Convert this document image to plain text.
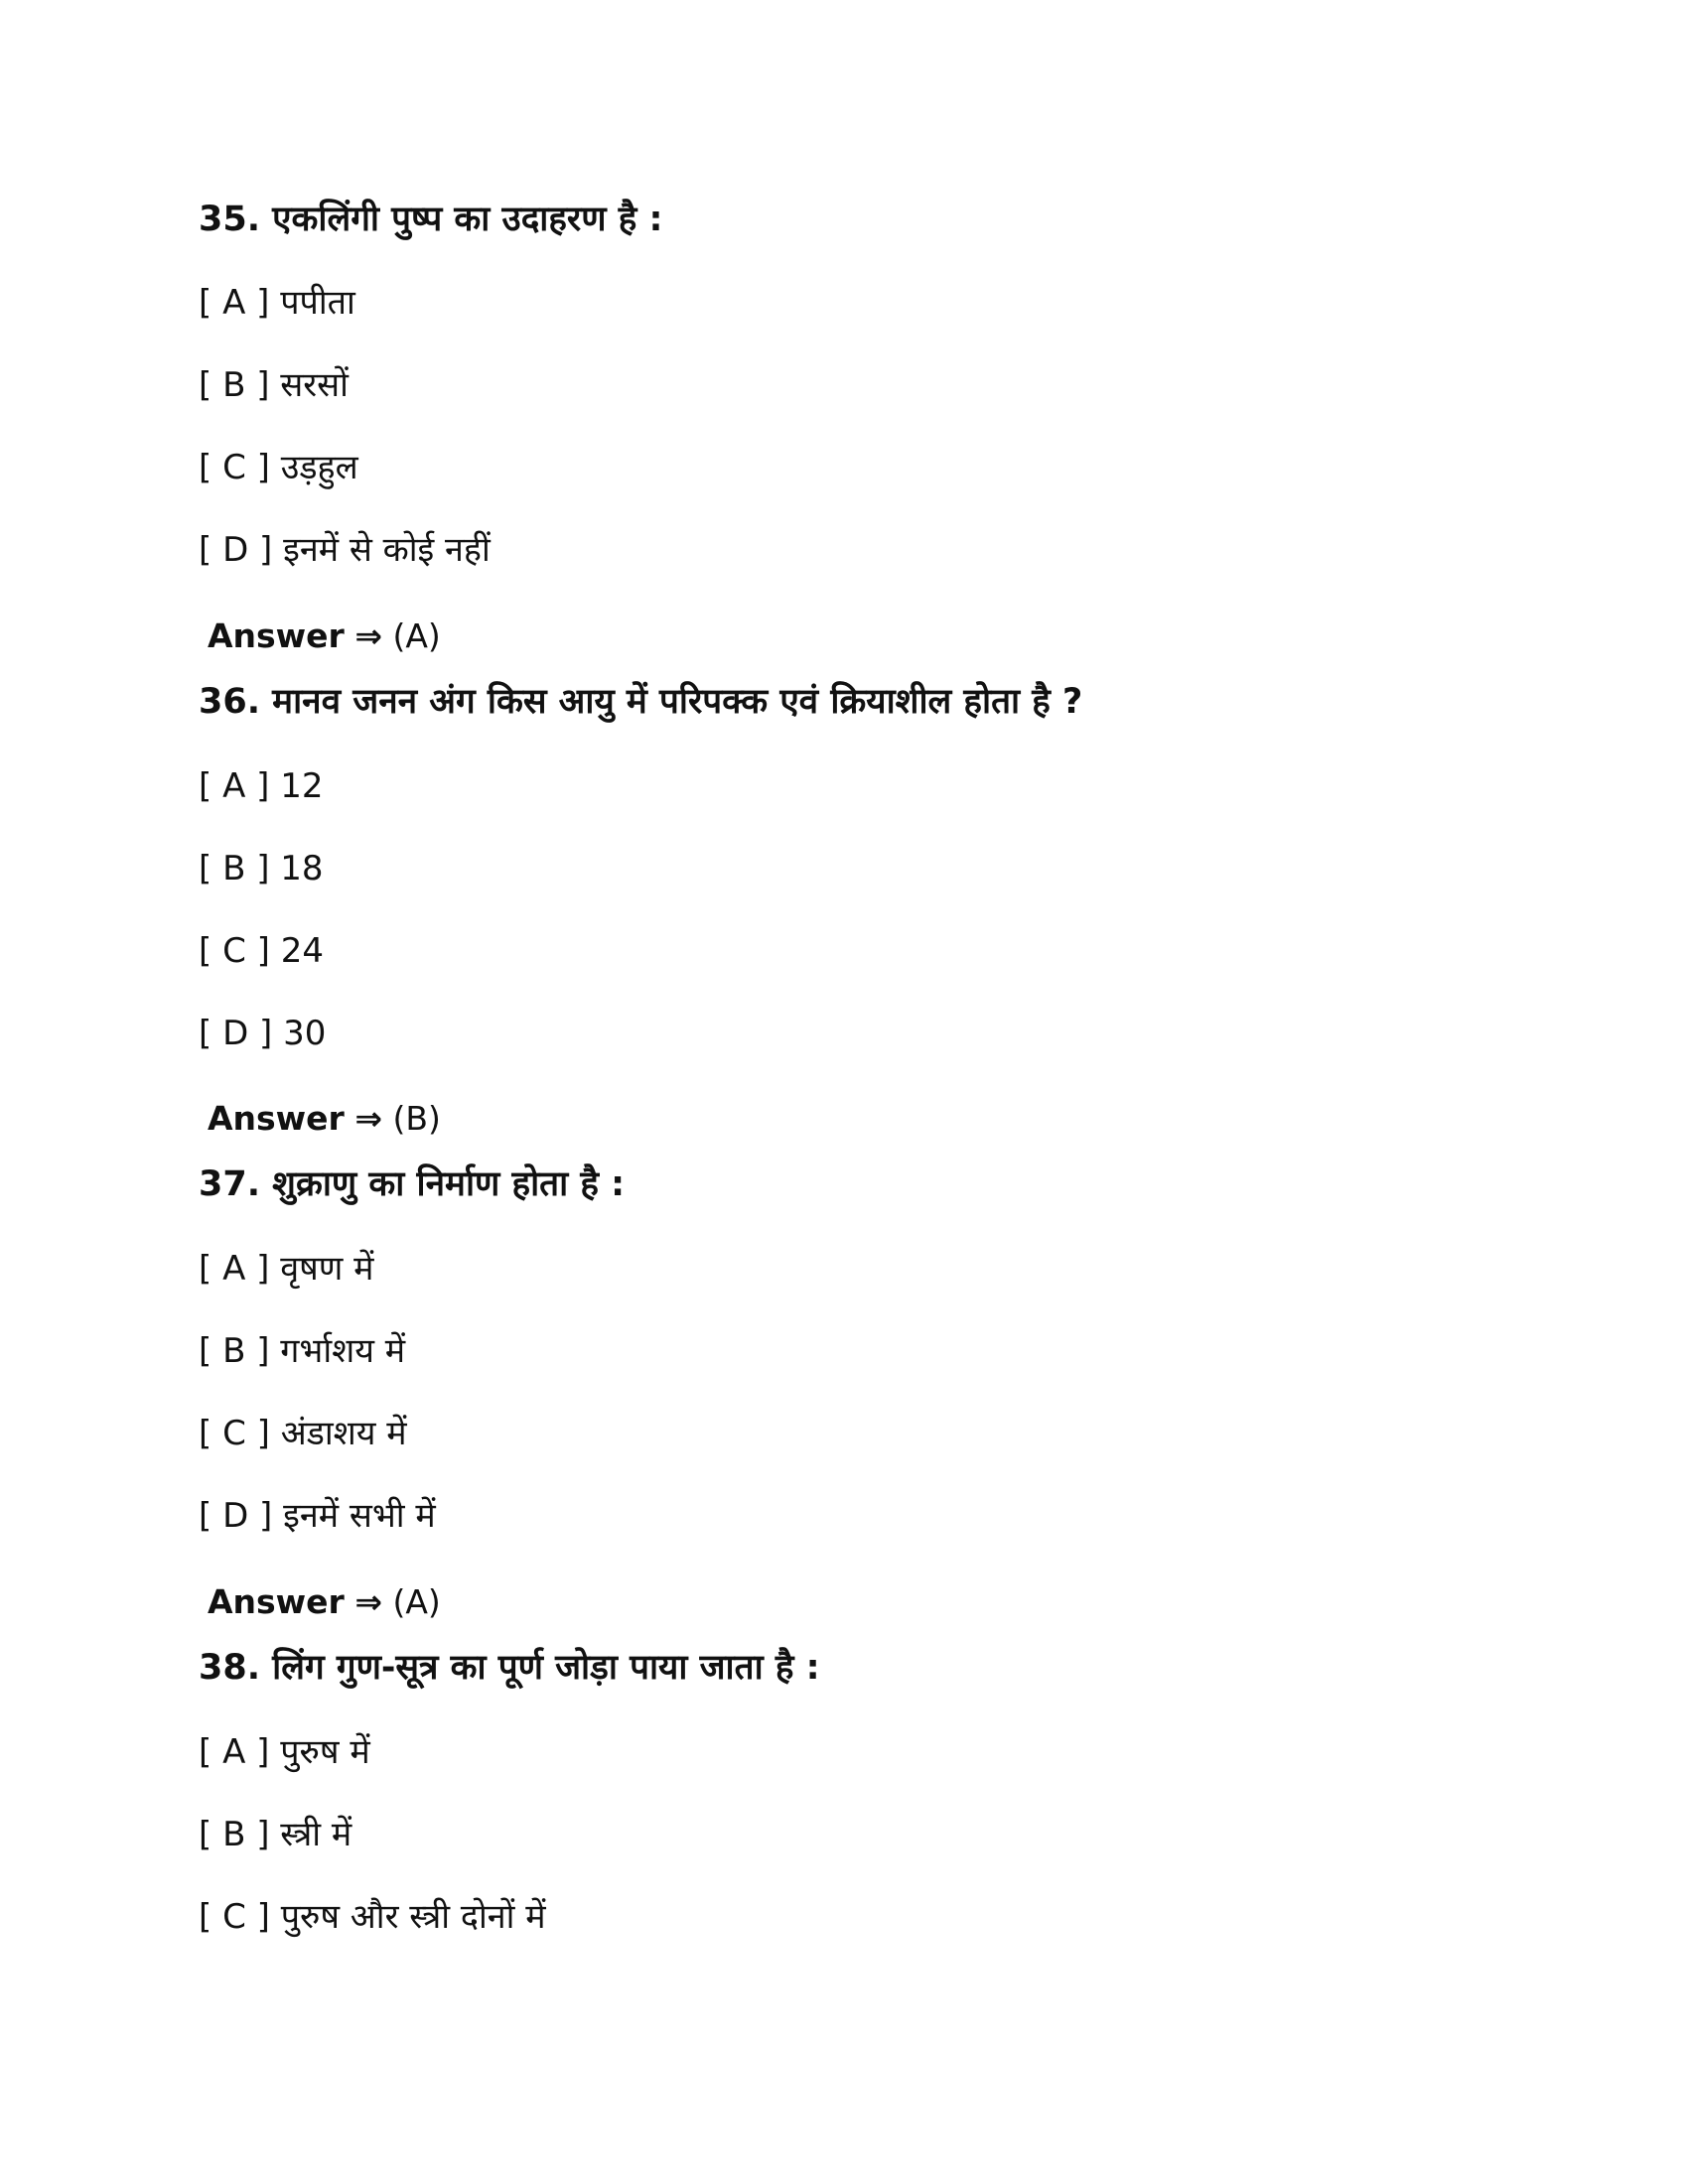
35. एकलिंगी पुष्प का उदाहरण है :
[ A ] पपीता
[ B ] सरसों
[ C ] उड़हुल
[ D ] इनमें से कोई नहीं
Answer ⇒ (A)
36. मानव जनन अंग किस आयु में परिपक्क एवं क्रियाशील होता है ?
[ A ] 12
[ B ] 18
[ C ] 24
[ D ] 30
Answer ⇒ (B)
37. शुक्राणु का निर्माण होता है :
[ A ] वृषण में
[ B ] गर्भाशय में
[ C ] अंडाशय में
[ D ] इनमें सभी में
Answer ⇒ (A)
38. लिंग गुण-सूत्र का पूर्ण जोड़ा पाया जाता है :
[ A ] पुरुष में
[ B ] स्त्री में
[ C ] पुरुष और स्त्री दोनों में
